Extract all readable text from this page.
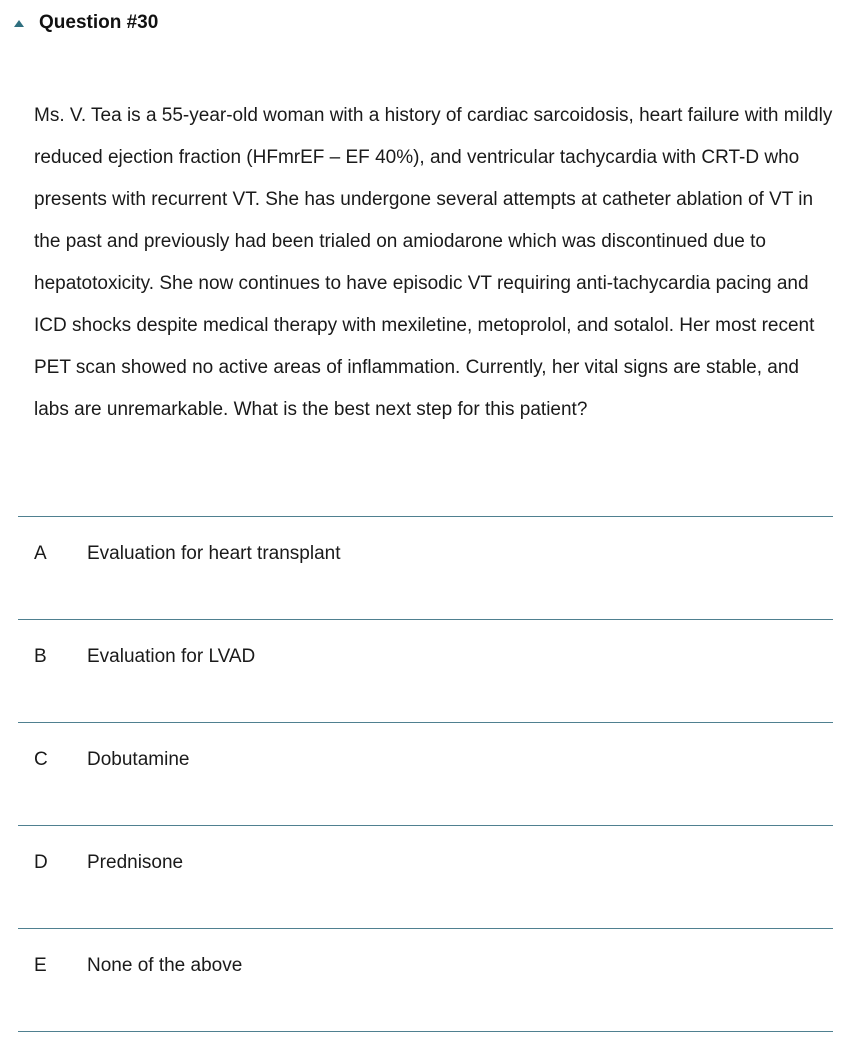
Question #30

Ms. V. Tea is a 55-year-old woman with a history of cardiac sarcoidosis, heart failure with mildly reduced ejection fraction (HFmrEF – EF 40%), and ventricular tachycardia with CRT-D who presents with recurrent VT. She has undergone several attempts at catheter ablation of VT in the past and previously had been trialed on amiodarone which was discontinued due to hepatotoxicity. She now continues to have episodic VT requiring anti-tachycardia pacing and ICD shocks despite medical therapy with mexiletine, metoprolol, and sotalol. Her most recent PET scan showed no active areas of inflammation. Currently, her vital signs are stable, and labs are unremarkable. What is the best next step for this patient?

A Evaluation for heart transplant
B Evaluation for LVAD
C Dobutamine
D Prednisone
E None of the above
